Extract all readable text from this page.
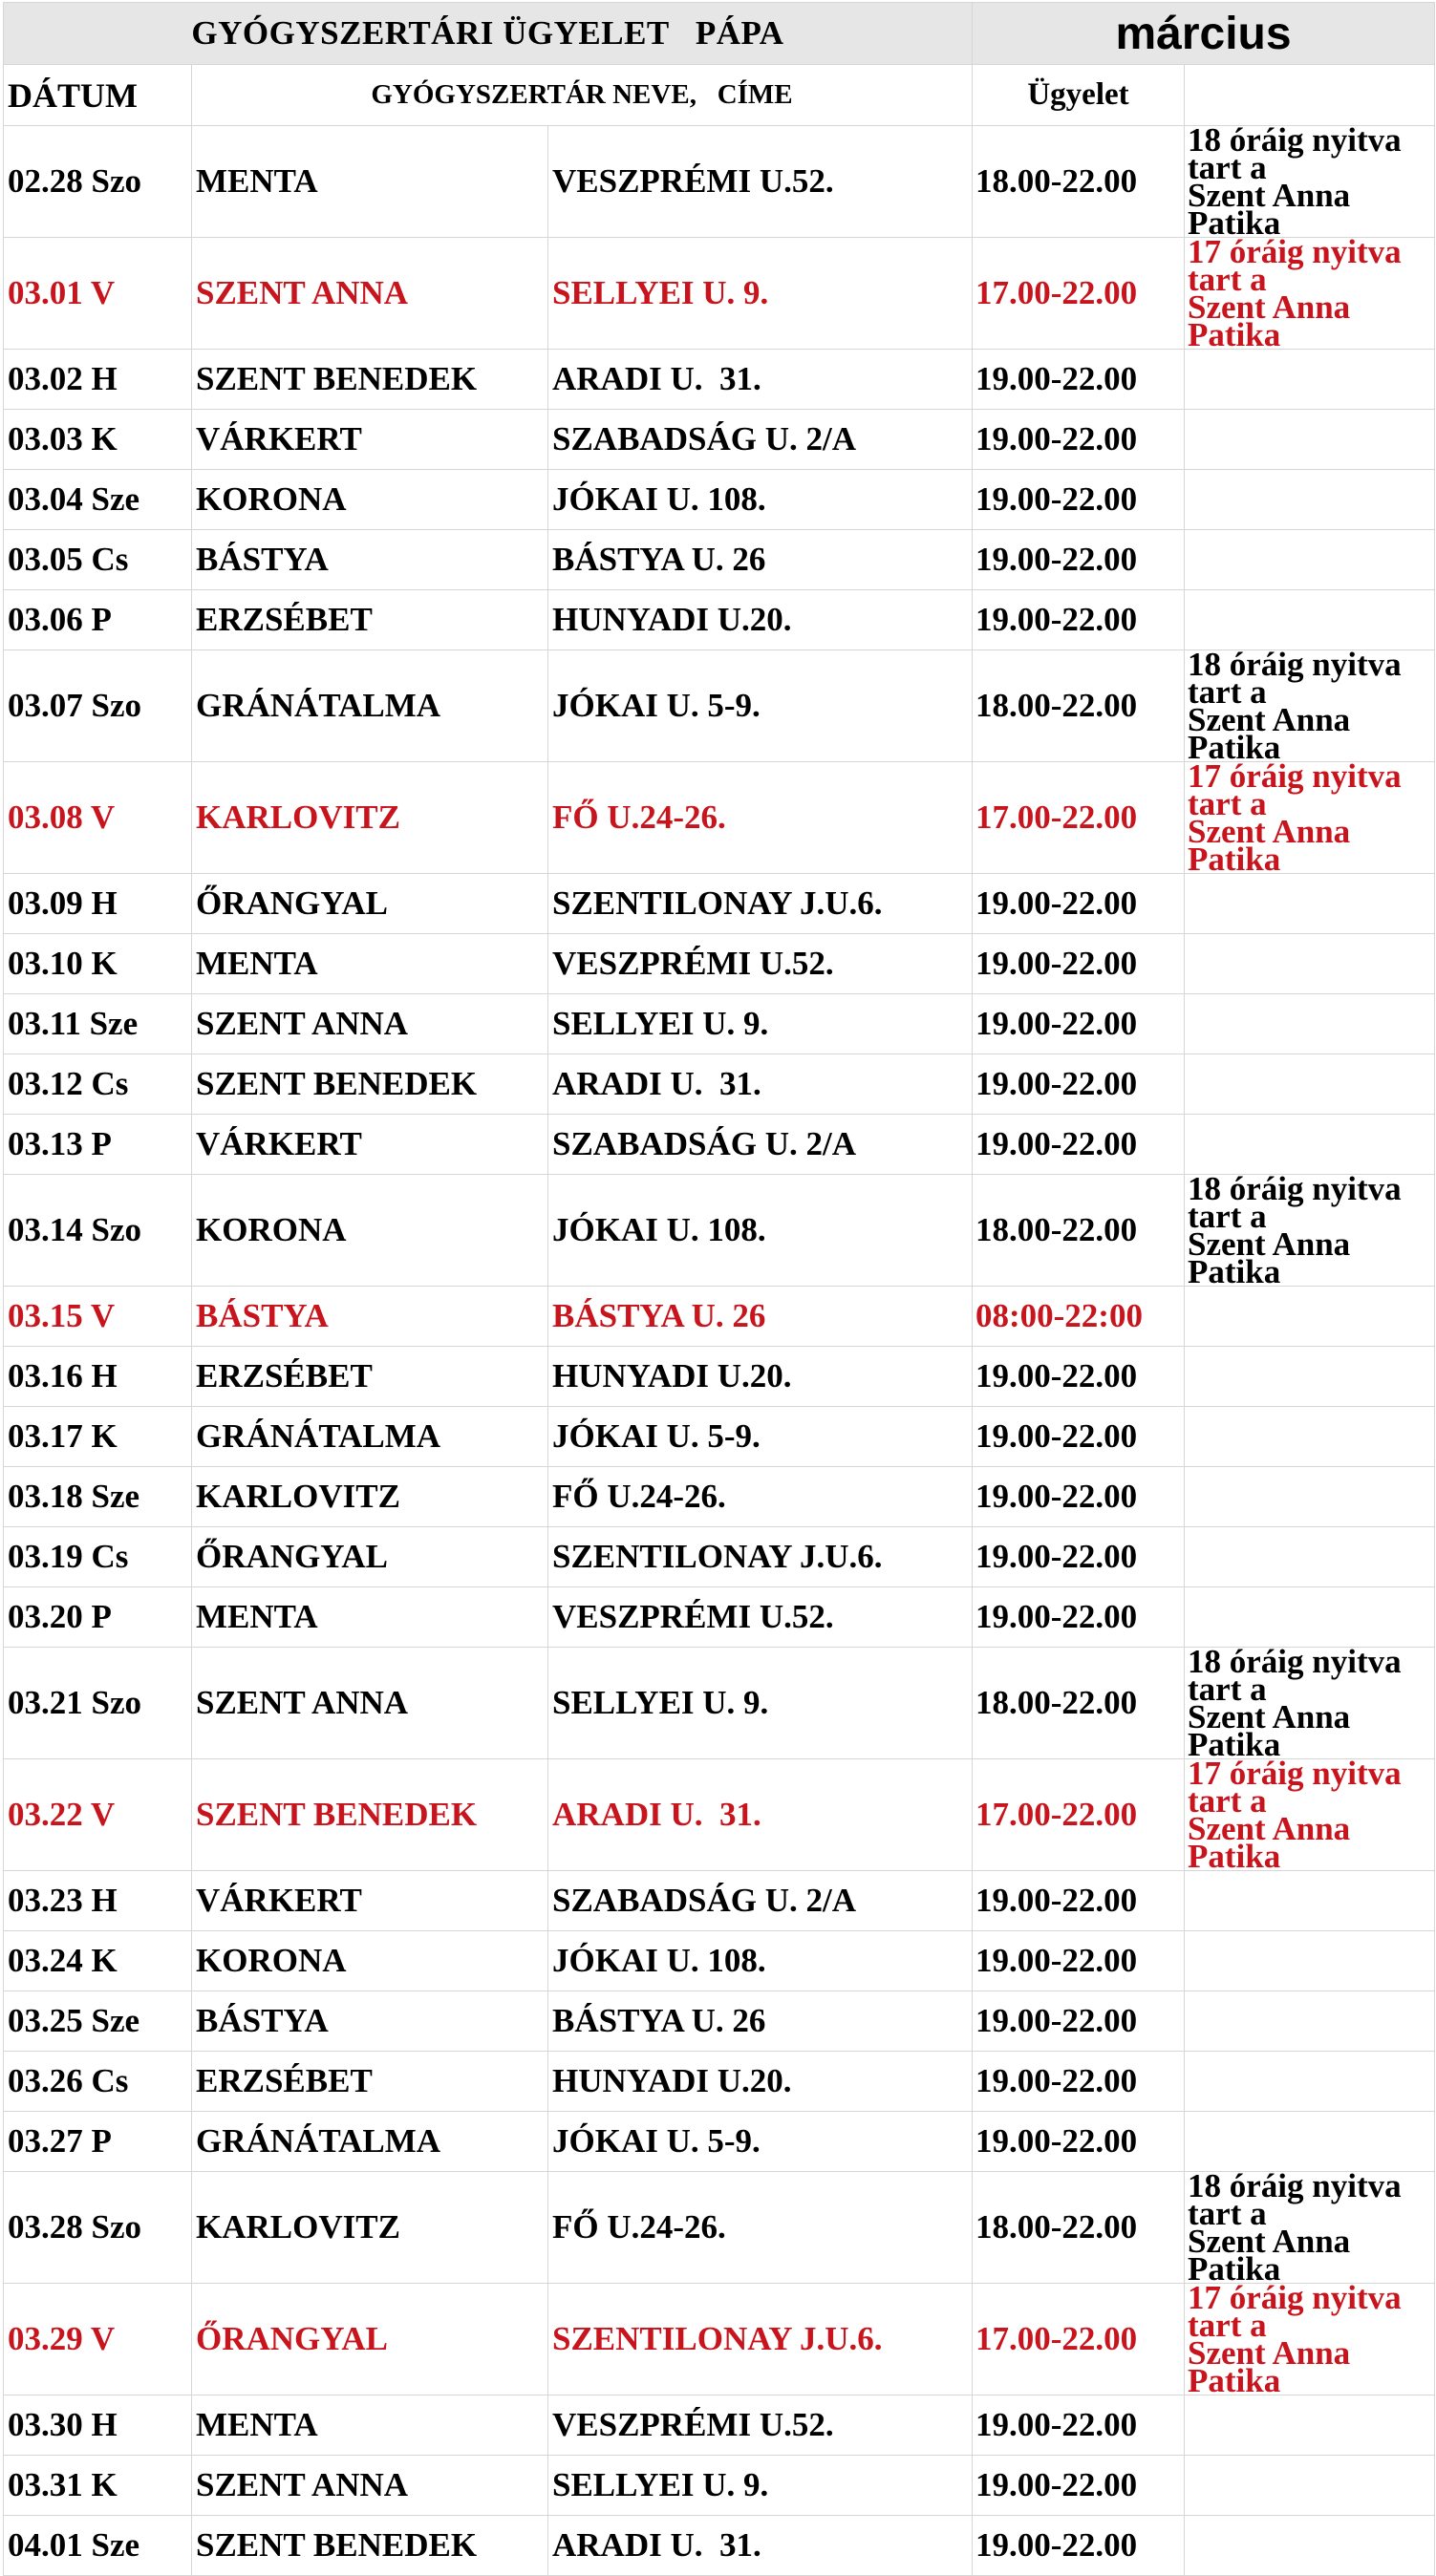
GYÓGYSZERTÁRI ÜGYELET   PÁPA			március	
DÁTUM	GYÓGYSZERTÁR NEVE,   CÍME		Ügyelet	
02.28 Szo	MENTA	VESZPRÉMI U.52.	18.00-22.00	18 óráig nyitva tart a
Szent Anna Patika

03.01 V	SZENT ANNA	SELLYEI U. 9.	17.00-22.00	17 óráig nyitva tart a
Szent Anna Patika

03.02 H	SZENT BENEDEK	ARADI U.  31.	19.00-22.00	
03.03 K	VÁRKERT	SZABADSÁG U. 2/A	19.00-22.00	
03.04 Sze	KORONA	JÓKAI U. 108.	19.00-22.00	
03.05 Cs	BÁSTYA	BÁSTYA U. 26	19.00-22.00	
03.06 P	ERZSÉBET	HUNYADI U.20.	19.00-22.00	
03.07 Szo	GRÁNÁTALMA	JÓKAI U. 5-9.	18.00-22.00	18 óráig nyitva tart a
Szent Anna Patika

03.08 V	KARLOVITZ	FŐ U.24-26.	17.00-22.00	17 óráig nyitva tart a
Szent Anna Patika

03.09 H	ŐRANGYAL	SZENTILONAY J.U.6.	19.00-22.00	
03.10 K	MENTA	VESZPRÉMI U.52.	19.00-22.00	
03.11 Sze	SZENT ANNA	SELLYEI U. 9.	19.00-22.00	
03.12 Cs	SZENT BENEDEK	ARADI U.  31.	19.00-22.00	
03.13 P	VÁRKERT	SZABADSÁG U. 2/A	19.00-22.00	
03.14 Szo	KORONA	JÓKAI U. 108.	18.00-22.00	18 óráig nyitva tart a
Szent Anna Patika

03.15 V	BÁSTYA	BÁSTYA U. 26	08:00-22:00	
03.16 H	ERZSÉBET	HUNYADI U.20.	19.00-22.00	
03.17 K	GRÁNÁTALMA	JÓKAI U. 5-9.	19.00-22.00	
03.18 Sze	KARLOVITZ	FŐ U.24-26.	19.00-22.00	
03.19 Cs	ŐRANGYAL	SZENTILONAY J.U.6.	19.00-22.00	
03.20 P	MENTA	VESZPRÉMI U.52.	19.00-22.00	
03.21 Szo	SZENT ANNA	SELLYEI U. 9.	18.00-22.00	18 óráig nyitva tart a
Szent Anna Patika

03.22 V	SZENT BENEDEK	ARADI U.  31.	17.00-22.00	17 óráig nyitva tart a
Szent Anna Patika

03.23 H	VÁRKERT	SZABADSÁG U. 2/A	19.00-22.00	
03.24 K	KORONA	JÓKAI U. 108.	19.00-22.00	
03.25 Sze	BÁSTYA	BÁSTYA U. 26	19.00-22.00	
03.26 Cs	ERZSÉBET	HUNYADI U.20.	19.00-22.00	
03.27 P	GRÁNÁTALMA	JÓKAI U. 5-9.	19.00-22.00	
03.28 Szo	KARLOVITZ	FŐ U.24-26.	18.00-22.00	18 óráig nyitva tart a
Szent Anna Patika

03.29 V	ŐRANGYAL	SZENTILONAY J.U.6.	17.00-22.00	17 óráig nyitva tart a
Szent Anna Patika

03.30 H	MENTA	VESZPRÉMI U.52.	19.00-22.00	
03.31 K	SZENT ANNA	SELLYEI U. 9.	19.00-22.00	
04.01 Sze	SZENT BENEDEK	ARADI U.  31.	19.00-22.00	
